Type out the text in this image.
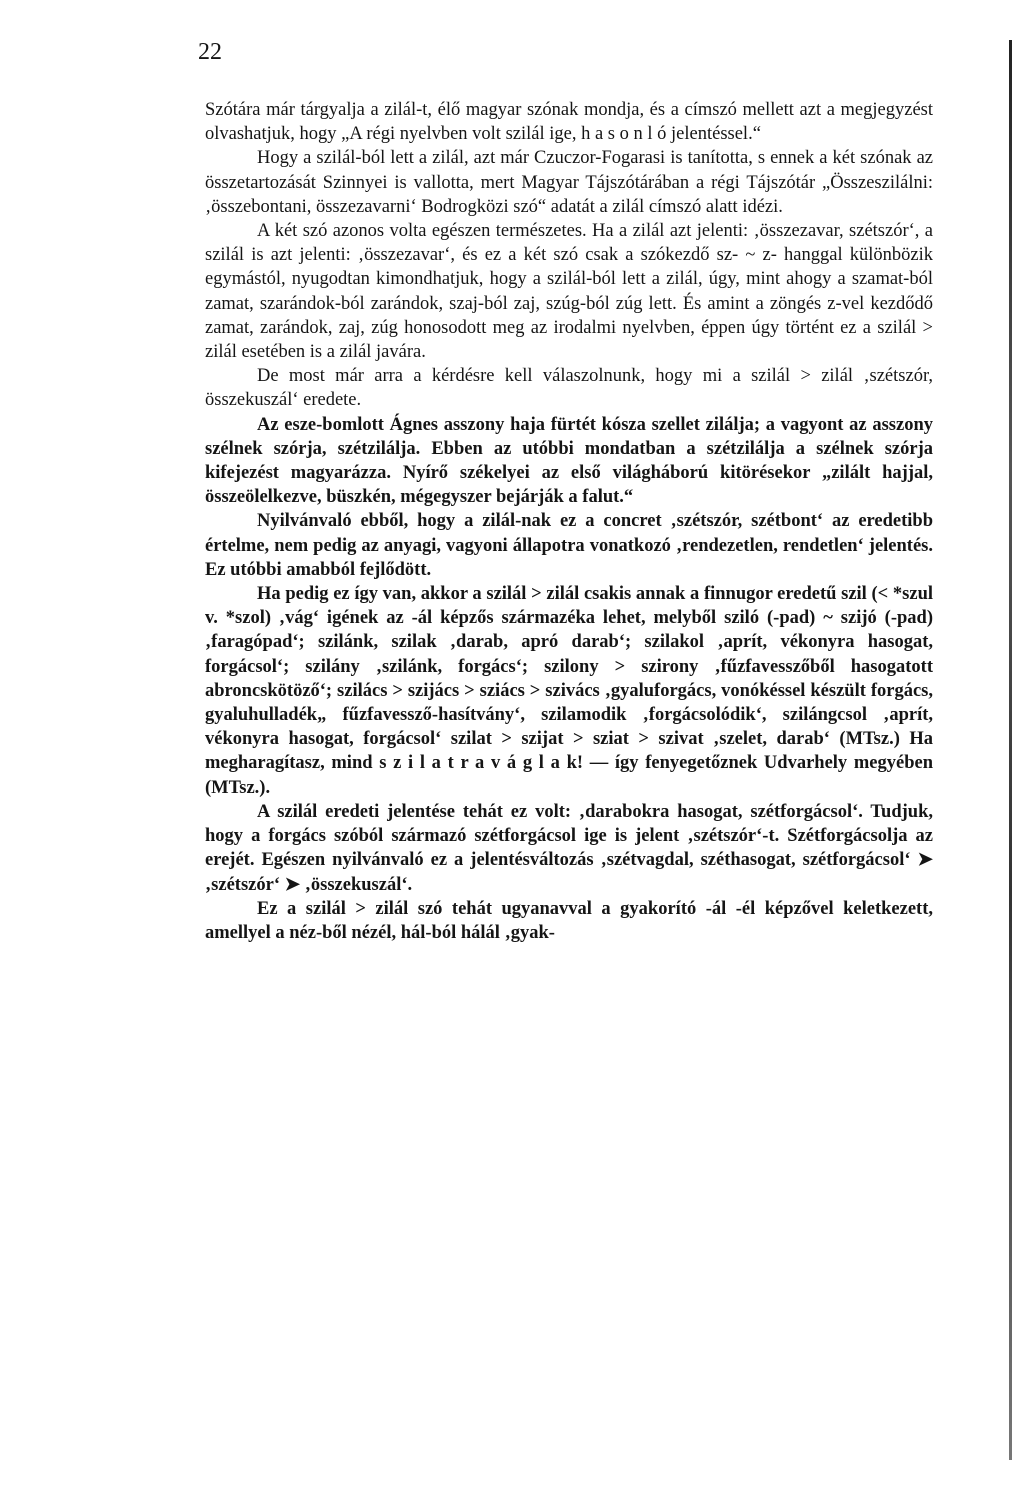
22

Szótára már tárgyalja a zilál-t, élő magyar szónak mondja, és a címszó mellett azt a megjegyzést olvashatjuk, hogy „A régi nyelvben volt szilál ige, h a s o n l ó jelentéssel.“

Hogy a szilál-ból lett a zilál, azt már Czuczor-Fogarasi is tanította, s ennek a két szónak az összetartozását Szinnyei is vallotta, mert Magyar Tájszótárában a régi Tájszótár „Összeszilálni: ‚összebontani, összezavarni‘ Bodrogközi szó“ adatát a zilál címszó alatt idézi.

A két szó azonos volta egészen természetes. Ha a zilál azt jelenti: ‚összezavar, szétszór‘, a szilál is azt jelenti: ‚összezavar‘, és ez a két szó csak a szókezdő sz- ~ z- hanggal különbözik egymástól, nyugodtan kimondhatjuk, hogy a szilál-ból lett a zilál, úgy, mint ahogy a szamat-ból zamat, szarándok-ból zarándok, szaj-ból zaj, szúg-ból zúg lett. És amint a zöngés z-vel kezdődő zamat, zarándok, zaj, zúg honosodott meg az irodalmi nyelvben, éppen úgy történt ez a szilál > zilál esetében is a zilál javára.

De most már arra a kérdésre kell válaszolnunk, hogy mi a szilál > zilál ‚szétszór, összekuszál‘ eredete.

Az esze-bomlott Ágnes asszony haja fürtét kósza szellet zilálja; a vagyont az asszony szélnek szórja, szétzilálja. Ebben az utóbbi mondatban a szétzilálja a szélnek szórja kifejezést magyarázza. Nyírő székelyei az első világháború kitörésekor „zilált hajjal, összeölelkezve, büszkén, mégegyszer bejárják a falut.“

Nyilvánvaló ebből, hogy a zilál-nak ez a concret ‚szétszór, szétbont‘ az eredetibb értelme, nem pedig az anyagi, vagyoni állapotra vonatkozó ‚rendezetlen, rendetlen‘ jelentés. Ez utóbbi amabból fejlődött.

Ha pedig ez így van, akkor a szilál > zilál csakis annak a finnugor eredetű szil (< *szul v. *szol) ‚vág‘ igének az -ál képzős származéka lehet, melyből sziló (-pad) ~ szijó (-pad) ‚faragópad‘; szilánk, szilak ‚darab, apró darab‘; szilakol ‚aprít, vékonyra hasogat, forgácsol‘; szilány ‚szilánk, forgács‘; szilony > szirony ‚fűzfavesszőből hasogatott abroncskötöző‘; szilács > szijács > sziács > szivács ‚gyaluforgács, vonókéssel készült forgács, gyaluhulladék„ fűzfavessző-hasítvány‘, szilamodik ‚forgácsolódik‘, szilángcsol ‚aprít, vékonyra hasogat, forgácsol‘ szilat > szijat > sziat > szivat ‚szelet, darab‘ (MTsz.) Ha megharagítasz, mind s z i l a t r a v á g l a k! — így fenyegetőznek Udvarhely megyében (MTsz.).

A szilál eredeti jelentése tehát ez volt: ‚darabokra hasogat, szétforgácsol‘. Tudjuk, hogy a forgács szóból származó szétforgácsol ige is jelent ‚szétszór‘-t. Szétforgácsolja az erejét. Egészen nyilvánvaló ez a jelentésváltozás ‚szétvagdal, széthasogat, szétforgácsol‘ ➤ ‚szétszór‘ ➤ ‚összekuszál‘.

Ez a szilál > zilál szó tehát ugyanavval a gyakorító -ál -él képzővel keletkezett, amellyel a néz-ből nézél, hál-ból hálál ‚gyak-
